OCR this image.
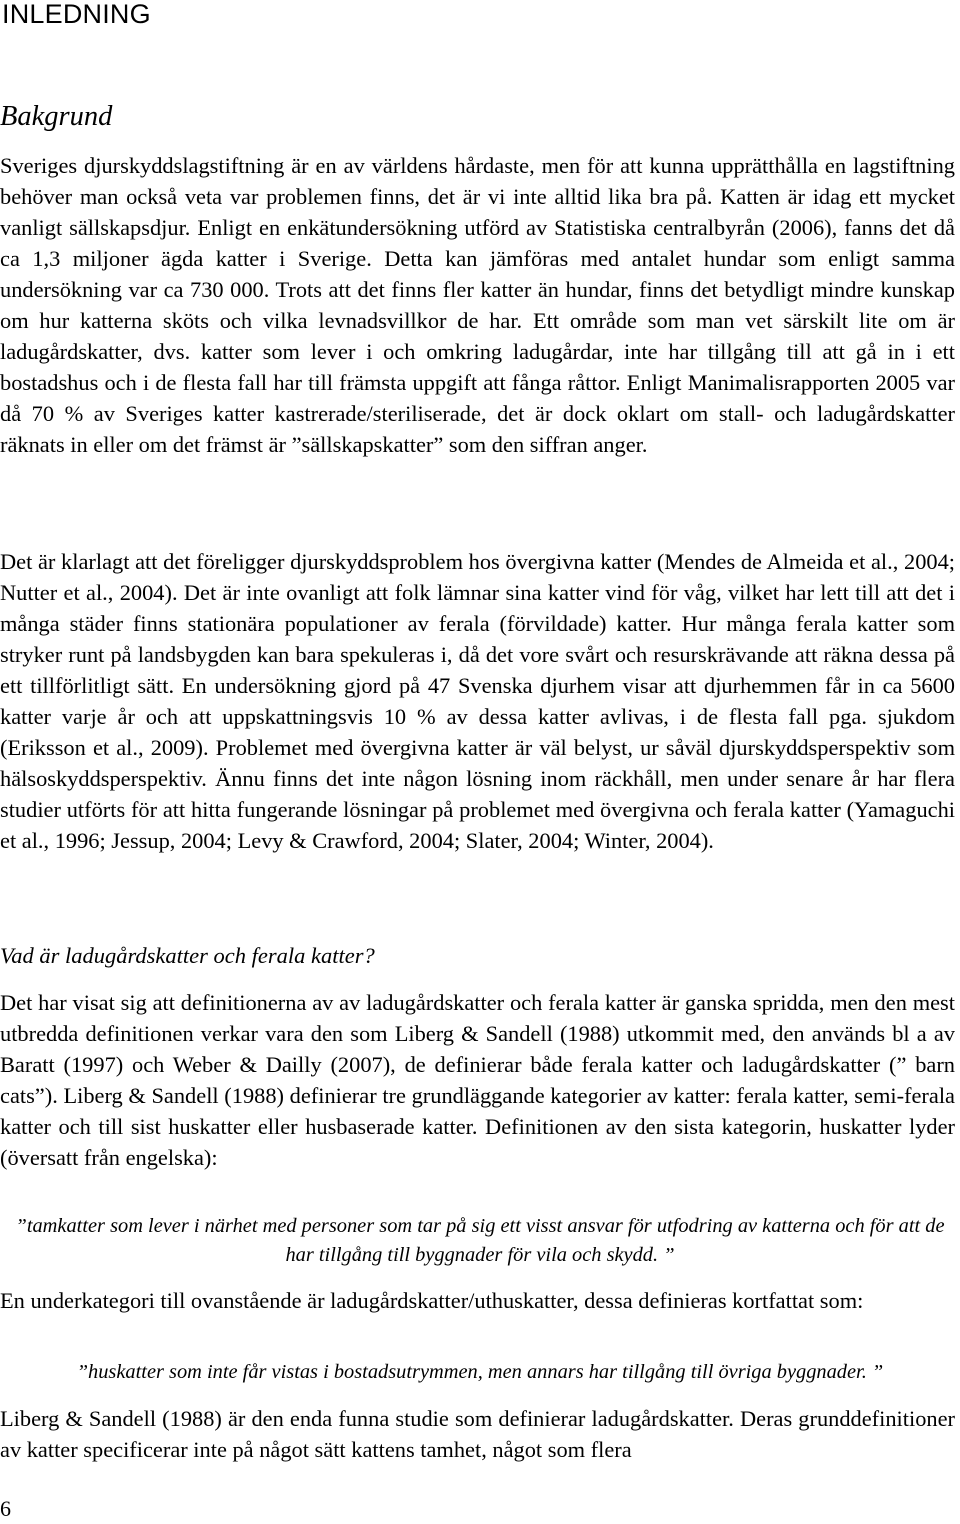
INLEDNING
Bakgrund

Sveriges djurskyddslagstiftning är en av världens hårdaste, men för att kunna upprätthålla en lagstiftning behöver man också veta var problemen finns, det är vi inte alltid lika bra på. Katten är idag ett mycket vanligt sällskapsdjur. Enligt en enkätundersökning utförd av Statistiska centralbyrån (2006), fanns det då ca 1,3 miljoner ägda katter i Sverige. Detta kan jämföras med antalet hundar som enligt samma undersökning var ca 730 000. Trots att det finns fler katter än hundar, finns det betydligt mindre kunskap om hur katterna sköts och vilka levnadsvillkor de har. Ett område som man vet särskilt lite om är ladugårdskatter, dvs. katter som lever i och omkring ladugårdar, inte har tillgång till att gå in i ett bostadshus och i de flesta fall har till främsta uppgift att fånga råttor. Enligt Manimalisrapporten 2005 var då 70 % av Sveriges katter kastrerade/steriliserade, det är dock oklart om stall- och ladugårdskatter räknats in eller om det främst är ”sällskapskatter” som den siffran anger.

Det är klarlagt att det föreligger djurskyddsproblem hos övergivna katter (Mendes de Almeida et al., 2004; Nutter et al., 2004). Det är inte ovanligt att folk lämnar sina katter vind för våg, vilket har lett till att det i många städer finns stationära populationer av ferala (förvildade) katter. Hur många ferala katter som stryker runt på landsbygden kan bara spekuleras i, då det vore svårt och resurskrävande att räkna dessa på ett tillförlitligt sätt. En undersökning gjord på 47 Svenska djurhem visar att djurhemmen får in ca 5600 katter varje år och att uppskattningsvis 10 % av dessa katter avlivas, i de flesta fall pga. sjukdom (Eriksson et al., 2009). Problemet med övergivna katter är väl belyst, ur såväl djurskyddsperspektiv som hälsoskyddsperspektiv. Ännu finns det inte någon lösning inom räckhåll, men under senare år har flera studier utförts för att hitta fungerande lösningar på problemet med övergivna och ferala katter (Yamaguchi et al., 1996; Jessup, 2004; Levy & Crawford, 2004; Slater, 2004; Winter, 2004).

Vad är ladugårdskatter och ferala katter?

Det har visat sig att definitionerna av av ladugårdskatter och ferala katter är ganska spridda, men den mest utbredda definitionen verkar vara den som Liberg & Sandell (1988) utkommit med, den används bl a av Baratt (1997) och Weber & Dailly (2007), de definierar både ferala katter och ladugårdskatter (” barn cats”). Liberg & Sandell (1988) definierar tre grundläggande kategorier av katter: ferala katter, semi-ferala katter och till sist huskatter eller husbaserade katter. Definitionen av den sista kategorin, huskatter lyder (översatt från engelska):

”tamkatter som lever i närhet med personer som tar på sig ett visst ansvar för utfodring av katterna och för att de har tillgång till byggnader för vila och skydd. ”

En underkategori till ovanstående är ladugårdskatter/uthuskatter, dessa definieras kortfattat som:

”huskatter som inte får vistas i bostadsutrymmen, men annars har tillgång till övriga byggnader. ”

Liberg & Sandell (1988) är den enda funna studie som definierar ladugårdskatter. Deras grunddefinitioner av katter specificerar inte på något sätt kattens tamhet, något som flera

6
